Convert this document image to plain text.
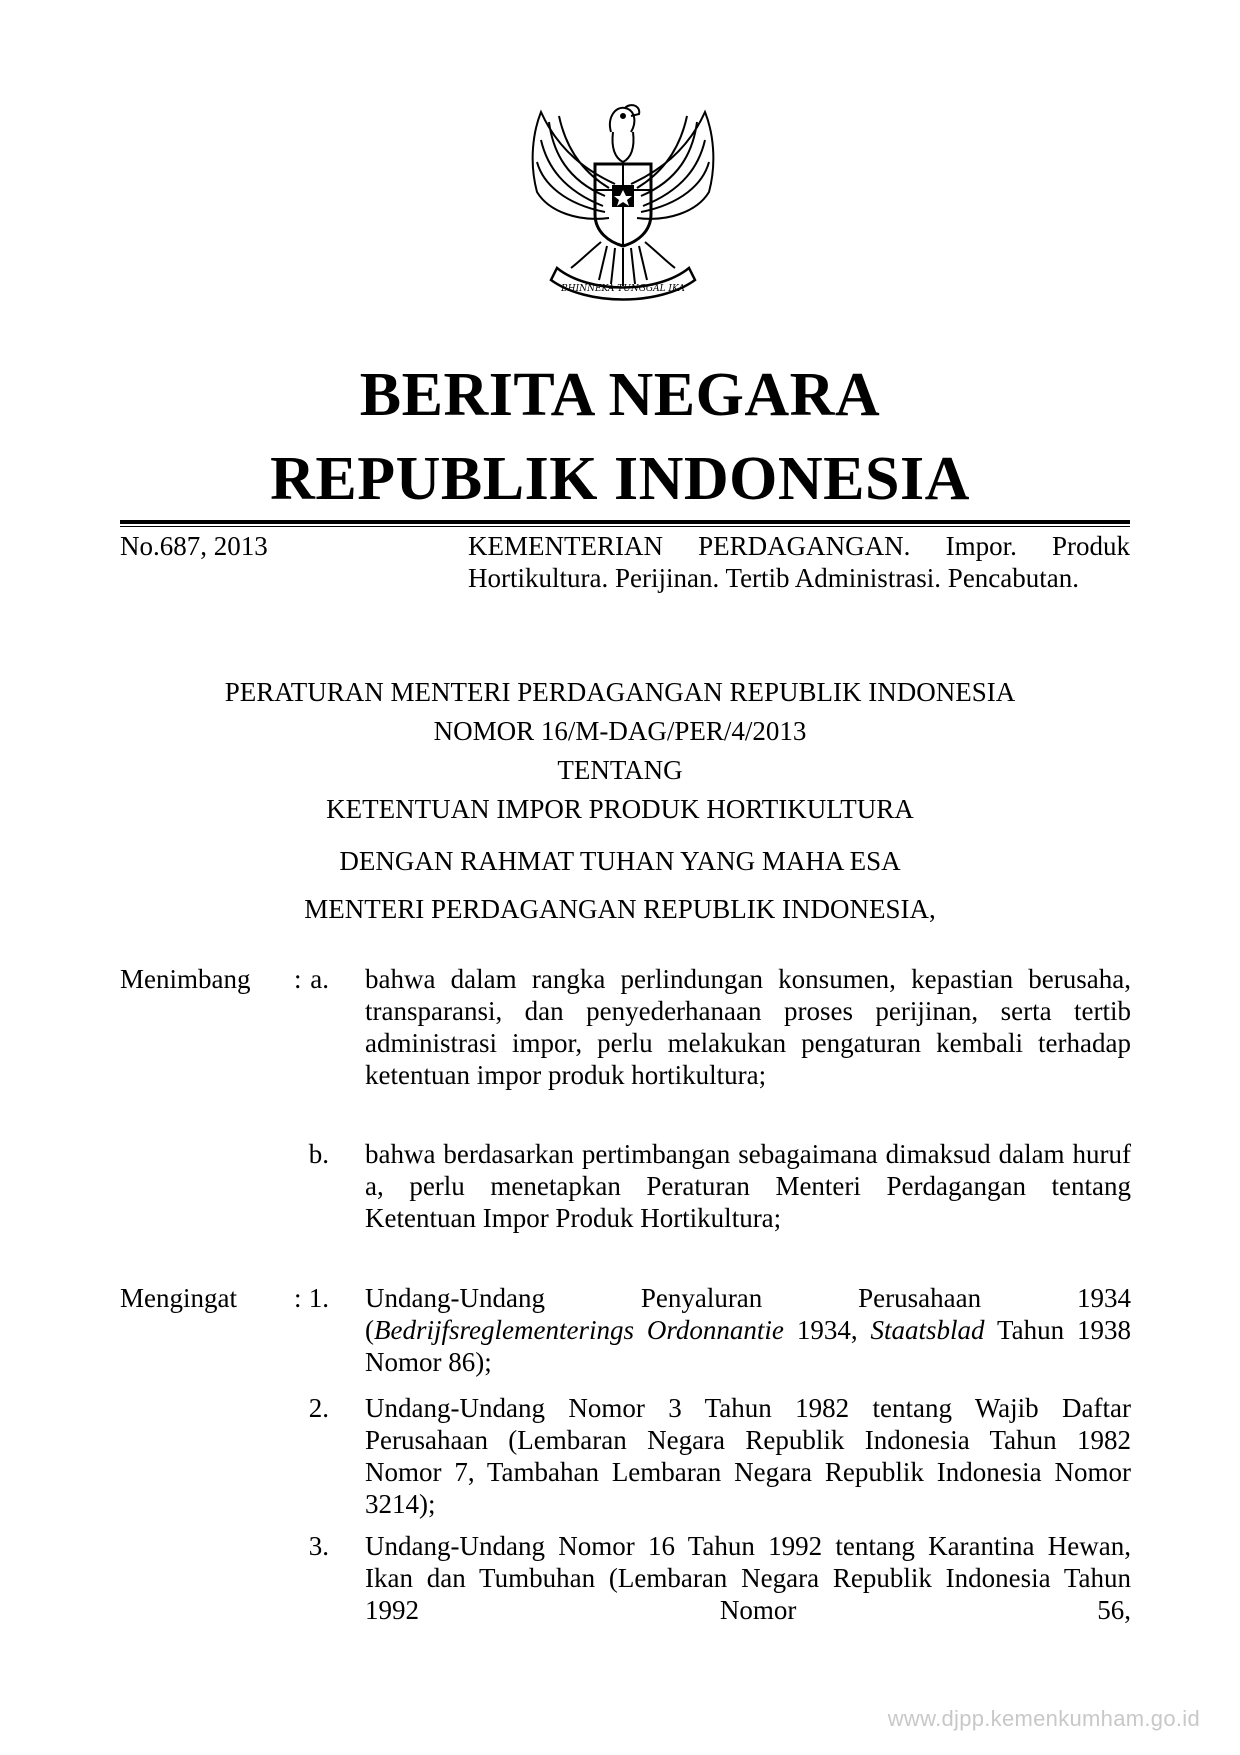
BHINNEKA TUNGGAL IKA
BERITA NEGARA
REPUBLIK INDONESIA
No.687, 2013	KEMENTERIAN PERDAGANGAN. Impor. Produk Hortikultura. Perijinan. Tertib Administrasi. Pencabutan.
PERATURAN MENTERI PERDAGANGAN REPUBLIK INDONESIA
NOMOR 16/M-DAG/PER/4/2013
TENTANG
KETENTUAN IMPOR PRODUK HORTIKULTURA
DENGAN RAHMAT TUHAN YANG MAHA ESA
MENTERI PERDAGANGAN REPUBLIK INDONESIA,
Menimbang : a. bahwa dalam rangka perlindungan konsumen, kepastian berusaha, transparansi, dan penyederhanaan proses perijinan, serta tertib administrasi impor, perlu melakukan pengaturan kembali terhadap ketentuan impor produk hortikultura;
b. bahwa berdasarkan pertimbangan sebagaimana dimaksud dalam huruf a, perlu menetapkan Peraturan Menteri Perdagangan tentang Ketentuan Impor Produk Hortikultura;
Mengingat : 1. Undang-Undang Penyaluran Perusahaan 1934 (Bedrijfsreglementerings Ordonnantie 1934, Staatsblad Tahun 1938 Nomor 86);
2. Undang-Undang Nomor 3 Tahun 1982 tentang Wajib Daftar Perusahaan (Lembaran Negara Republik Indonesia Tahun 1982 Nomor 7, Tambahan Lembaran Negara Republik Indonesia Nomor 3214);
3. Undang-Undang Nomor 16 Tahun 1992 tentang Karantina Hewan, Ikan dan Tumbuhan (Lembaran Negara Republik Indonesia Tahun 1992 Nomor 56,
www.djpp.kemenkumham.go.id
